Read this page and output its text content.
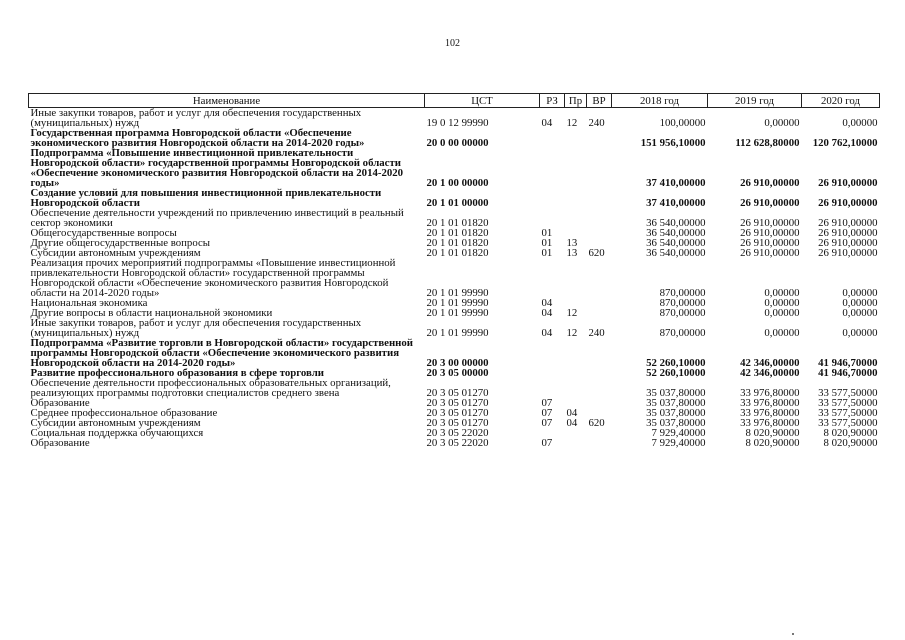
102
Наименование	ЦСТ	РЗ	Пр	ВР	2018 год	2019 год	2020 год
Иные закупки товаров, работ и услуг для обеспечения государственных (муниципальных) нужд	19 0 12 99990	04	12	240	100,00000	0,00000	0,00000
Государственная программа Новгородской области «Обеспечение экономического развития Новгородской области на 2014-2020 годы»	20 0 00 00000				151 956,10000	112 628,80000	120 762,10000
Подпрограмма «Повышение инвестиционной привлекательности Новгородской области» государственной программы Новгородской области «Обеспечение экономического развития Новгородской области на 2014-2020 годы»	20 1 00 00000				37 410,00000	26 910,00000	26 910,00000
Создание условий для повышения инвестиционной привлекательности Новгородской области	20 1 01 00000				37 410,00000	26 910,00000	26 910,00000
Обеспечение деятельности учреждений по привлечению инвестиций в реальный сектор экономики	20 1 01 01820				36 540,00000	26 910,00000	26 910,00000
Общегосударственные вопросы	20 1 01 01820	01			36 540,00000	26 910,00000	26 910,00000
Другие общегосударственные вопросы	20 1 01 01820	01	13		36 540,00000	26 910,00000	26 910,00000
Субсидии автономным учреждениям	20 1 01 01820	01	13	620	36 540,00000	26 910,00000	26 910,00000
Реализация прочих мероприятий подпрограммы «Повышение инвестиционной привлекательности Новгородской области» государственной программы Новгородской области «Обеспечение экономического развития Новгородской области на 2014-2020 годы»	20 1 01 99990				870,00000	0,00000	0,00000
Национальная экономика	20 1 01 99990	04			870,00000	0,00000	0,00000
Другие вопросы в области национальной экономики	20 1 01 99990	04	12		870,00000	0,00000	0,00000
Иные закупки товаров, работ и услуг для обеспечения государственных (муниципальных) нужд	20 1 01 99990	04	12	240	870,00000	0,00000	0,00000
Подпрограмма «Развитие торговли в Новгородской области» государственной программы Новгородской области «Обеспечение экономического развития Новгородской области на 2014-2020 годы»	20 3 00 00000				52 260,10000	42 346,00000	41 946,70000
Развитие профессионального образования в сфере торговли	20 3 05 00000				52 260,10000	42 346,00000	41 946,70000
Обеспечение деятельности профессиональных образовательных организаций, реализующих программы подготовки специалистов среднего звена	20 3 05 01270				35 037,80000	33 976,80000	33 577,50000
Образование	20 3 05 01270	07			35 037,80000	33 976,80000	33 577,50000
Среднее профессиональное образование	20 3 05 01270	07	04		35 037,80000	33 976,80000	33 577,50000
Субсидии автономным учреждениям	20 3 05 01270	07	04	620	35 037,80000	33 976,80000	33 577,50000
Социальная поддержка обучающихся	20 3 05 22020				7 929,40000	8 020,90000	8 020,90000
Образование	20 3 05 22020	07			7 929,40000	8 020,90000	8 020,90000
